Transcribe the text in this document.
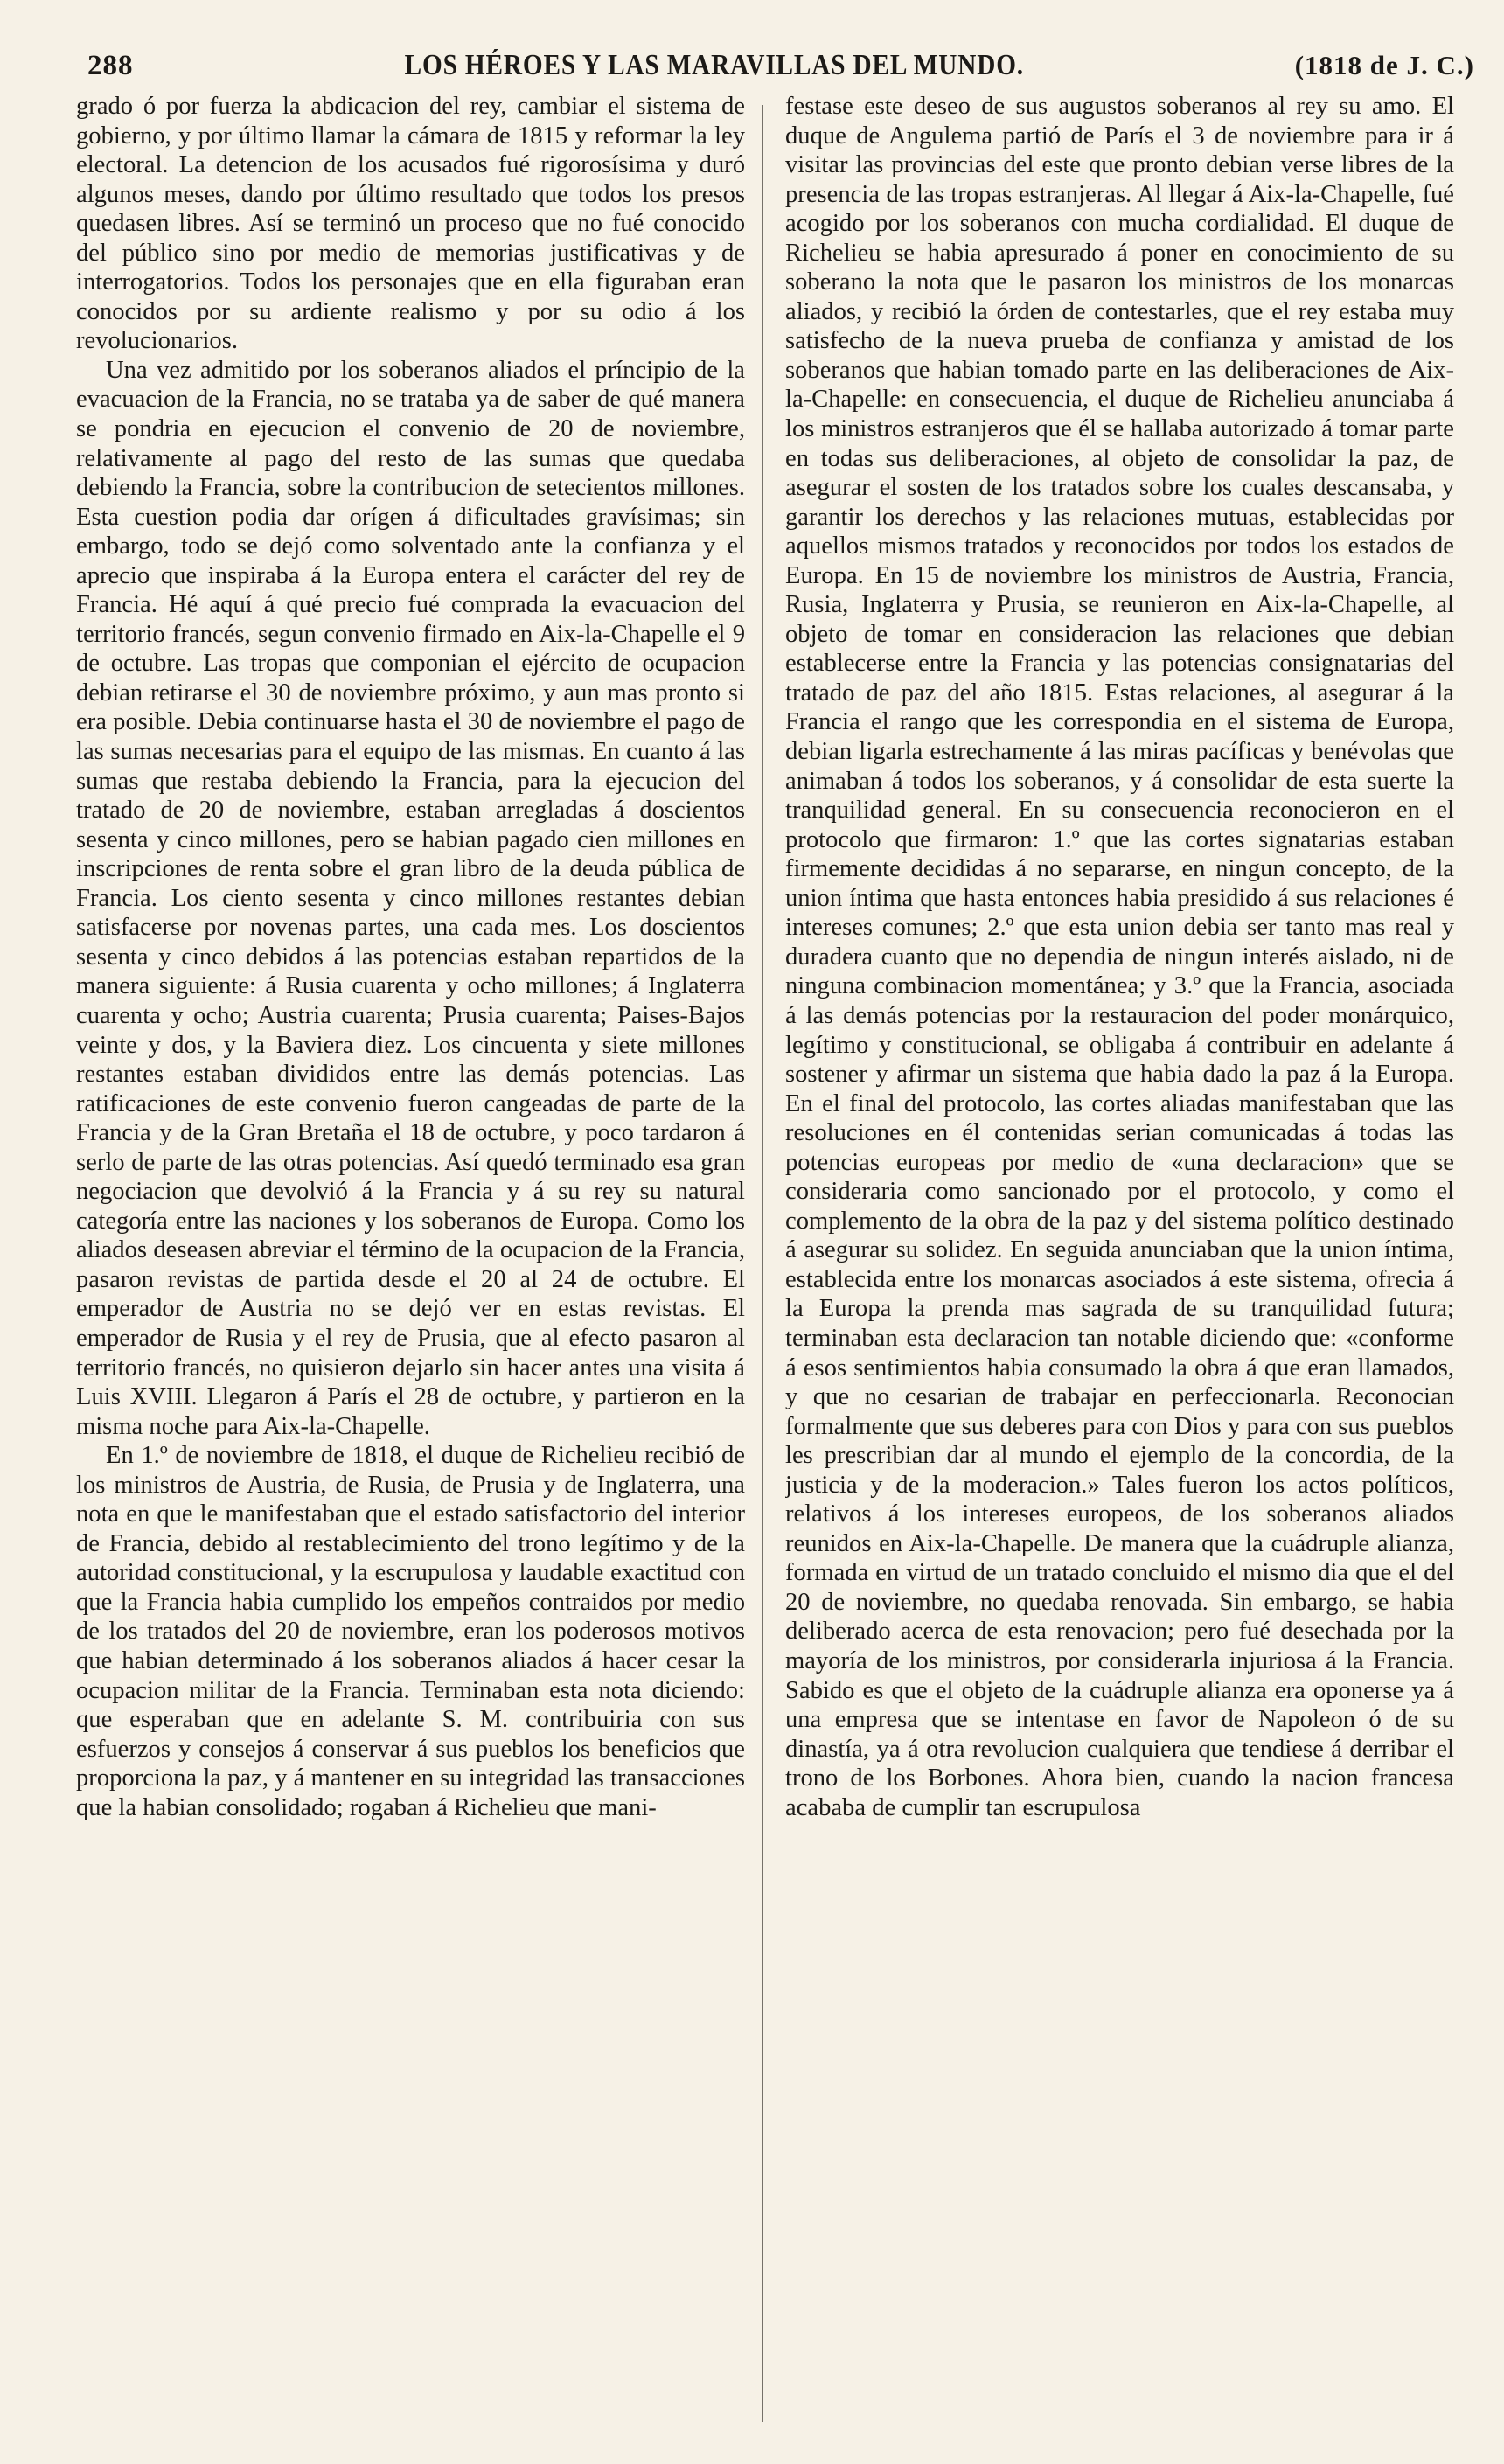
288	LOS HÉROES Y LAS MARAVILLAS DEL MUNDO.	(1818 de J. C.)

grado ó por fuerza la abdicacion del rey, cambiar el sistema de gobierno, y por último llamar la cámara de 1815 y reformar la ley electoral. La detencion de los acusados fué rigorosísima y duró algunos meses, dando por último resultado que todos los presos quedasen libres. Así se terminó un proceso que no fué conocido del público sino por medio de memorias justificativas y de interrogatorios. Todos los personajes que en ella figuraban eran conocidos por su ardiente realismo y por su odio á los revolucionarios.

Una vez admitido por los soberanos aliados el príncipio de la evacuacion de la Francia, no se trataba ya de saber de qué manera se pondria en ejecucion el convenio de 20 de noviembre, relativamente al pago del resto de las sumas que quedaba debiendo la Francia, sobre la contribucion de setecientos millones. Esta cuestion podia dar orígen á dificultades gravísimas; sin embargo, todo se dejó como solventado ante la confianza y el aprecio que inspiraba á la Europa entera el carácter del rey de Francia. Hé aquí á qué precio fué comprada la evacuacion del territorio francés, segun convenio firmado en Aix-la-Chapelle el 9 de octubre. Las tropas que componian el ejército de ocupacion debian retirarse el 30 de noviembre próximo, y aun mas pronto si era posible. Debia continuarse hasta el 30 de noviembre el pago de las sumas necesarias para el equipo de las mismas. En cuanto á las sumas que restaba debiendo la Francia, para la ejecucion del tratado de 20 de noviembre, estaban arregladas á doscientos sesenta y cinco millones, pero se habian pagado cien millones en inscripciones de renta sobre el gran libro de la deuda pública de Francia. Los ciento sesenta y cinco millones restantes debian satisfacerse por novenas partes, una cada mes. Los doscientos sesenta y cinco debidos á las potencias estaban repartidos de la manera siguiente: á Rusia cuarenta y ocho millones; á Inglaterra cuarenta y ocho; Austria cuarenta; Prusia cuarenta; Paises-Bajos veinte y dos, y la Baviera diez. Los cincuenta y siete millones restantes estaban divididos entre las demás potencias. Las ratificaciones de este convenio fueron cangeadas de parte de la Francia y de la Gran Bretaña el 18 de octubre, y poco tardaron á serlo de parte de las otras potencias. Así quedó terminado esa gran negociacion que devolvió á la Francia y á su rey su natural categoría entre las naciones y los soberanos de Europa. Como los aliados deseasen abreviar el término de la ocupacion de la Francia, pasaron revistas de partida desde el 20 al 24 de octubre. El emperador de Austria no se dejó ver en estas revistas. El emperador de Rusia y el rey de Prusia, que al efecto pasaron al territorio francés, no quisieron dejarlo sin hacer antes una visita á Luis XVIII. Llegaron á París el 28 de octubre, y partieron en la misma noche para Aix-la-Chapelle.

En 1.º de noviembre de 1818, el duque de Richelieu recibió de los ministros de Austria, de Rusia, de Prusia y de Inglaterra, una nota en que le manifestaban que el estado satisfactorio del interior de Francia, debido al restablecimiento del trono legítimo y de la autoridad constitucional, y la escrupulosa y laudable exactitud con que la Francia habia cumplido los empeños contraidos por medio de los tratados del 20 de noviembre, eran los poderosos motivos que habian determinado á los soberanos aliados á hacer cesar la ocupacion militar de la Francia. Terminaban esta nota diciendo: que esperaban que en adelante S. M. contribuiria con sus esfuerzos y consejos á conservar á sus pueblos los beneficios que proporciona la paz, y á mantener en su integridad las transacciones que la habian consolidado; rogaban á Richelieu que mani-

festase este deseo de sus augustos soberanos al rey su amo. El duque de Angulema partió de París el 3 de noviembre para ir á visitar las provincias del este que pronto debian verse libres de la presencia de las tropas estranjeras. Al llegar á Aix-la-Chapelle, fué acogido por los soberanos con mucha cordialidad. El duque de Richelieu se habia apresurado á poner en conocimiento de su soberano la nota que le pasaron los ministros de los monarcas aliados, y recibió la órden de contestarles, que el rey estaba muy satisfecho de la nueva prueba de confianza y amistad de los soberanos que habian tomado parte en las deliberaciones de Aix-la-Chapelle: en consecuencia, el duque de Richelieu anunciaba á los ministros estranjeros que él se hallaba autorizado á tomar parte en todas sus deliberaciones, al objeto de consolidar la paz, de asegurar el sosten de los tratados sobre los cuales descansaba, y garantir los derechos y las relaciones mutuas, establecidas por aquellos mismos tratados y reconocidos por todos los estados de Europa. En 15 de noviembre los ministros de Austria, Francia, Rusia, Inglaterra y Prusia, se reunieron en Aix-la-Chapelle, al objeto de tomar en consideracion las relaciones que debian establecerse entre la Francia y las potencias consignatarias del tratado de paz del año 1815. Estas relaciones, al asegurar á la Francia el rango que les correspondia en el sistema de Europa, debian ligarla estrechamente á las miras pacíficas y benévolas que animaban á todos los soberanos, y á consolidar de esta suerte la tranquilidad general. En su consecuencia reconocieron en el protocolo que firmaron: 1.º que las cortes signatarias estaban firmemente decididas á no separarse, en ningun concepto, de la union íntima que hasta entonces habia presidido á sus relaciones é intereses comunes; 2.º que esta union debia ser tanto mas real y duradera cuanto que no dependia de ningun interés aislado, ni de ninguna combinacion momentánea; y 3.º que la Francia, asociada á las demás potencias por la restauracion del poder monárquico, legítimo y constitucional, se obligaba á contribuir en adelante á sostener y afirmar un sistema que habia dado la paz á la Europa. En el final del protocolo, las cortes aliadas manifestaban que las resoluciones en él contenidas serian comunicadas á todas las potencias europeas por medio de «una declaracion» que se consideraria como sancionado por el protocolo, y como el complemento de la obra de la paz y del sistema político destinado á asegurar su solidez. En seguida anunciaban que la union íntima, establecida entre los monarcas asociados á este sistema, ofrecia á la Europa la prenda mas sagrada de su tranquilidad futura; terminaban esta declaracion tan notable diciendo que: «conforme á esos sentimientos habia consumado la obra á que eran llamados, y que no cesarian de trabajar en perfeccionarla. Reconocian formalmente que sus deberes para con Dios y para con sus pueblos les prescribian dar al mundo el ejemplo de la concordia, de la justicia y de la moderacion.» Tales fueron los actos políticos, relativos á los intereses europeos, de los soberanos aliados reunidos en Aix-la-Chapelle. De manera que la cuádruple alianza, formada en virtud de un tratado concluido el mismo dia que el del 20 de noviembre, no quedaba renovada. Sin embargo, se habia deliberado acerca de esta renovacion; pero fué desechada por la mayoría de los ministros, por considerarla injuriosa á la Francia. Sabido es que el objeto de la cuádruple alianza era oponerse ya á una empresa que se intentase en favor de Napoleon ó de su dinastía, ya á otra revolucion cualquiera que tendiese á derribar el trono de los Borbones. Ahora bien, cuando la nacion francesa acababa de cumplir tan escrupulosa
